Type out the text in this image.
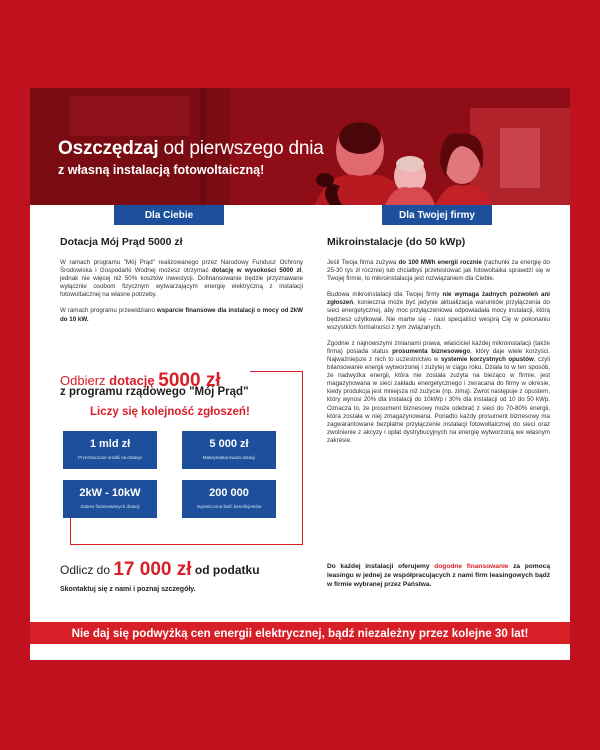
Oszczędzaj od pierwszego dnia
z własną instalacją fotowoltaiczną!
Dla Ciebie	Dla Twojej firmy
Dotacja Mój Prąd 5000 zł

W ramach programu "Mój Prąd" realizowanego przez Narodowy Fundusz Ochrony Środowiska i Gospodarki Wodnej możesz otrzymać dotację w wysokości 5000 zł, jednak nie więcej niż 50% kosztów inwestycji. Dofinansowanie będzie przyznawane wyłącznie osobom fizycznym wytwarzającym energię elektryczną z instalacji fotowoltaicznej na własne potrzeby.

W ramach programu przewidziano wsparcie finansowe dla instalacji o mocy od 2kW do 10 kW.

Odbierz dotację 5000 zł
z programu rządowego "Mój Prąd"
Liczy się kolejność zgłoszeń!
1 mld zł
Przeznaczone środki na dotacje
5 000 zł
Maksymalna kwota dotacji
2kW - 10kW
Zakres finansowanych dotacji
200 000
Ograniczona ilość beneficjentów
Odlicz do 17 000 zł od podatku
Skontaktuj się z nami i poznaj szczegóły.
Mikroinstalacje (do 50 kWp)

Jeśli Twoja firma zużywa do 100 MWh energii rocznie (rachunki za energię do 25-30 tys zł rocznie) lub chciałbyś przetestować jak fotowoltaika sprawdzi się w Twojej firmie, to mikroinstalacja jest rozwiązaniem dla Ciebie.

Budowa mikroinstalacji dla Twojej firmy nie wymaga żadnych pozwoleń ani zgłoszeń, konieczna może być jedynie aktualizacja warunków przyłączenia do sieci energetycznej, aby moc przyłączeniowa odpowiadała mocy instalacji, którą będziesz użytkował. Nie martw się - nasi specjaliści wesprą Cię w pokonaniu wszystkich formalności z tym związanych.

Zgodnie z najnowszymi zmianami prawa, właściciel każdej mikroinstalacji (także firma) posiada status prosumenta biznesowego, który daje wiele korzyści. Najważniejsze z nich to uczestnictwo w systemie korzystnych opustów, czyli bilansowanie energii wytworzonej i zużytej w ciągu roku. Działa to w ten sposób, że nadwyżka energii, która nie została zużyta na bieżąco w firmie, jest magazynowana w sieci zakładu energetycznego i zwracana do firmy w okresie, kiedy produkcja jest mniejsza niż zużycie (np. zimą). Zwrot następuje z opustem, który wynosi 20% dla instalacji do 10kWp i 30% dla instalacji od 10 do 50 kWp. Oznacza to, że prosument biznesowy może odebrać z sieci do 70-80% energii, która została w niej zmagazynowana. Ponadto każdy prosument biznesowy ma zagwarantowane bezpłatne przyłączenie instalacji fotowoltaicznej do sieci oraz zwolnienie z akcyzy i opłat dystrybucyjnych na energię wytworzoną we własnym zakresie.

Do każdej instalacji oferujemy dogodne finansowanie za pomocą leasingu w jednej ze współpracujących z nami firm leasingowych bądź w firmie wybranej przez Państwa.
Nie daj się podwyżką cen energii elektrycznej, bądź niezależny przez kolejne 30 lat!
